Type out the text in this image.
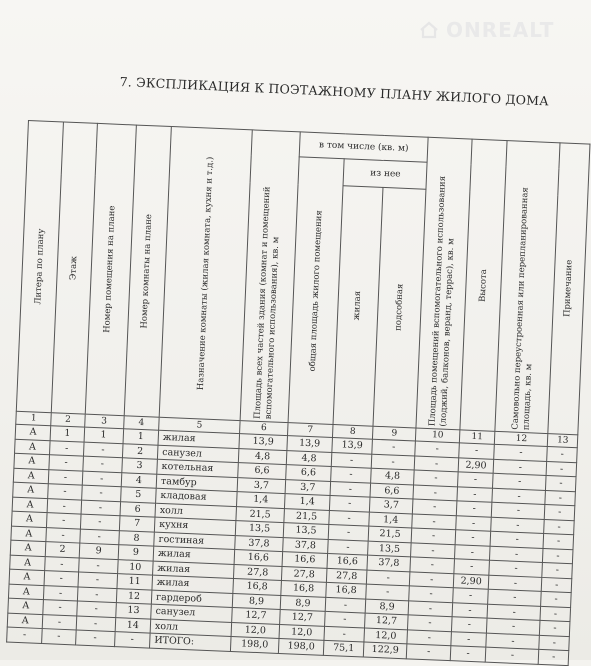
ONREALT
7. ЭКСПЛИКАЦИЯ К ПОЭТАЖНОМУ ПЛАНУ ЖИЛОГО ДОМА
Литера по плану	Этаж	Номер помещения на плане	Номер комнаты на плане	Назначение комнаты (жилая комната, кухня и т.д.)	Площадь всех частей здания (комнат и помещений вспомогательного использования), кв. м	в том числе (кв. м)			Площадь помещений вспомогательного использования (лоджий, балконов, веранд, террас), кв. м	Высота	Самовольно переустроенная или перепланированная площадь, кв. м	Примечание

						общая площадь жилого помещения	из нее					

							жилая	подсобная				

1	2	3	4	5	6	7	8	9	10	11	12	13
А	1	1	1	жилая	13,9	13,9	13,9	-	-	-	-	-
А	-	-	2	санузел	4,8	4,8	-	-	-	2,90	-	-
А	-	-	3	котельная	6,6	6,6	-	4,8	-	-	-	-
А	-	-	4	тамбур	3,7	3,7	-	6,6	-	-	-	-
А	-	-	5	кладовая	1,4	1,4	-	3,7	-	-	-	-
А	-	-	6	холл	21,5	21,5	-	1,4	-	-	-	-
А	-	-	7	кухня	13,5	13,5	-	21,5	-	-	-	-
А	-	-	8	гостиная	37,8	37,8	-	13,5	-	-	-	-
А	2	9	9	жилая	16,6	16,6	16,6	37,8	-	-	-	-
А	-	-	10	жилая	27,8	27,8	27,8	-	-	2,90	-	-
А	-	-	11	жилая	16,8	16,8	16,8	-	-	-	-	-
А	-	-	12	гардероб	8,9	8,9	-	8,9	-	-	-	-
А	-	-	13	санузел	12,7	12,7	-	12,7	-	-	-	-
А	-	-	14	холл	12,0	12,0	-	12,0	-	-	-	-
-	-	-	-	ИТОГО:	198,0	198,0	75,1	122,9	-	-	-	-
